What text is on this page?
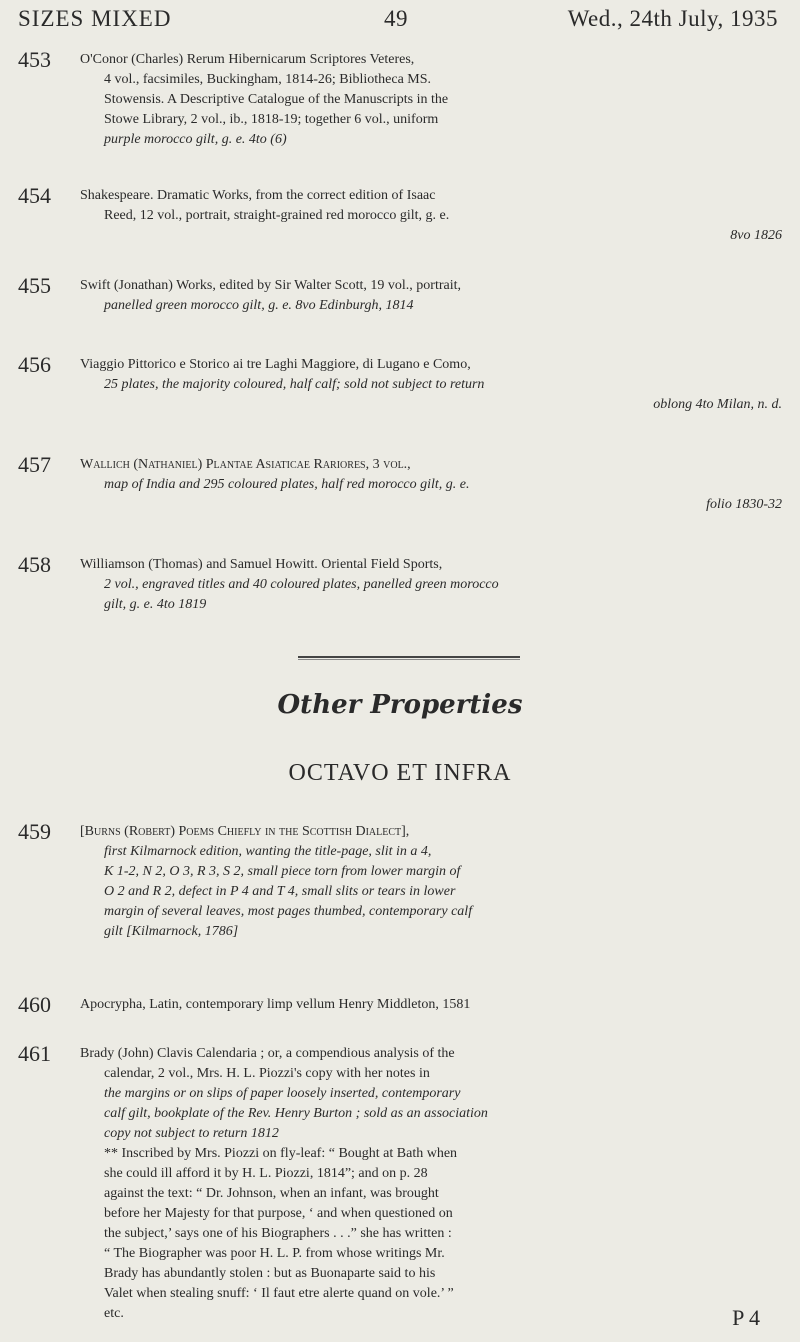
SIZES MIXED	49	Wed., 24th July, 1935
453	O'Conor (Charles) Rerum Hibernicarum Scriptores Veteres,
4 vol., facsimiles, Buckingham, 1814-26; Bibliotheca MS.
Stowensis. A Descriptive Catalogue of the Manuscripts in the
Stowe Library, 2 vol., ib., 1818-19; together 6 vol., uniform
purple morocco gilt, g. e. 4to (6)
454	Shakespeare. Dramatic Works, from the correct edition of Isaac
Reed, 12 vol., portrait, straight-grained red morocco gilt, g. e.
8vo 1826
455	Swift (Jonathan) Works, edited by Sir Walter Scott, 19 vol., portrait,
panelled green morocco gilt, g. e. 8vo Edinburgh, 1814
456	Viaggio Pittorico e Storico ai tre Laghi Maggiore, di Lugano e Como,
25 plates, the majority coloured, half calf; sold not subject to return
oblong 4to Milan, n. d.
457	Wallich (Nathaniel) Plantae Asiaticae Rariores, 3 vol.,
map of India and 295 coloured plates, half red morocco gilt, g. e.
folio 1830-32
458	Williamson (Thomas) and Samuel Howitt. Oriental Field Sports,
2 vol., engraved titles and 40 coloured plates, panelled green morocco
gilt, g. e. 4to 1819
Other Properties
OCTAVO ET INFRA
459	[Burns (Robert) Poems Chiefly in the Scottish Dialect],
first Kilmarnock edition, wanting the title-page, slit in a 4,
K 1-2, N 2, O 3, R 3, S 2, small piece torn from lower margin of
O 2 and R 2, defect in P 4 and T 4, small slits or tears in lower
margin of several leaves, most pages thumbed, contemporary calf
gilt [Kilmarnock, 1786]
460	Apocrypha, Latin, contemporary limp vellum Henry Middleton, 1581
461	Brady (John) Clavis Calendaria ; or, a compendious analysis of the
calendar, 2 vol., Mrs. H. L. Piozzi's copy with her notes in
the margins or on slips of paper loosely inserted, contemporary
calf gilt, bookplate of the Rev. Henry Burton ; sold as an association
copy not subject to return 1812
** Inscribed by Mrs. Piozzi on fly-leaf: “ Bought at Bath when
she could ill afford it by H. L. Piozzi, 1814”; and on p. 28
against the text: “ Dr. Johnson, when an infant, was brought
before her Majesty for that purpose, ‘ and when questioned on
the subject,’ says one of his Biographers . . .” she has written :
“ The Biographer was poor H. L. P. from whose writings Mr.
Brady has abundantly stolen : but as Buonaparte said to his
Valet when stealing snuff: ‘ Il faut etre alerte quand on vole.’ ”
etc.	P 4
